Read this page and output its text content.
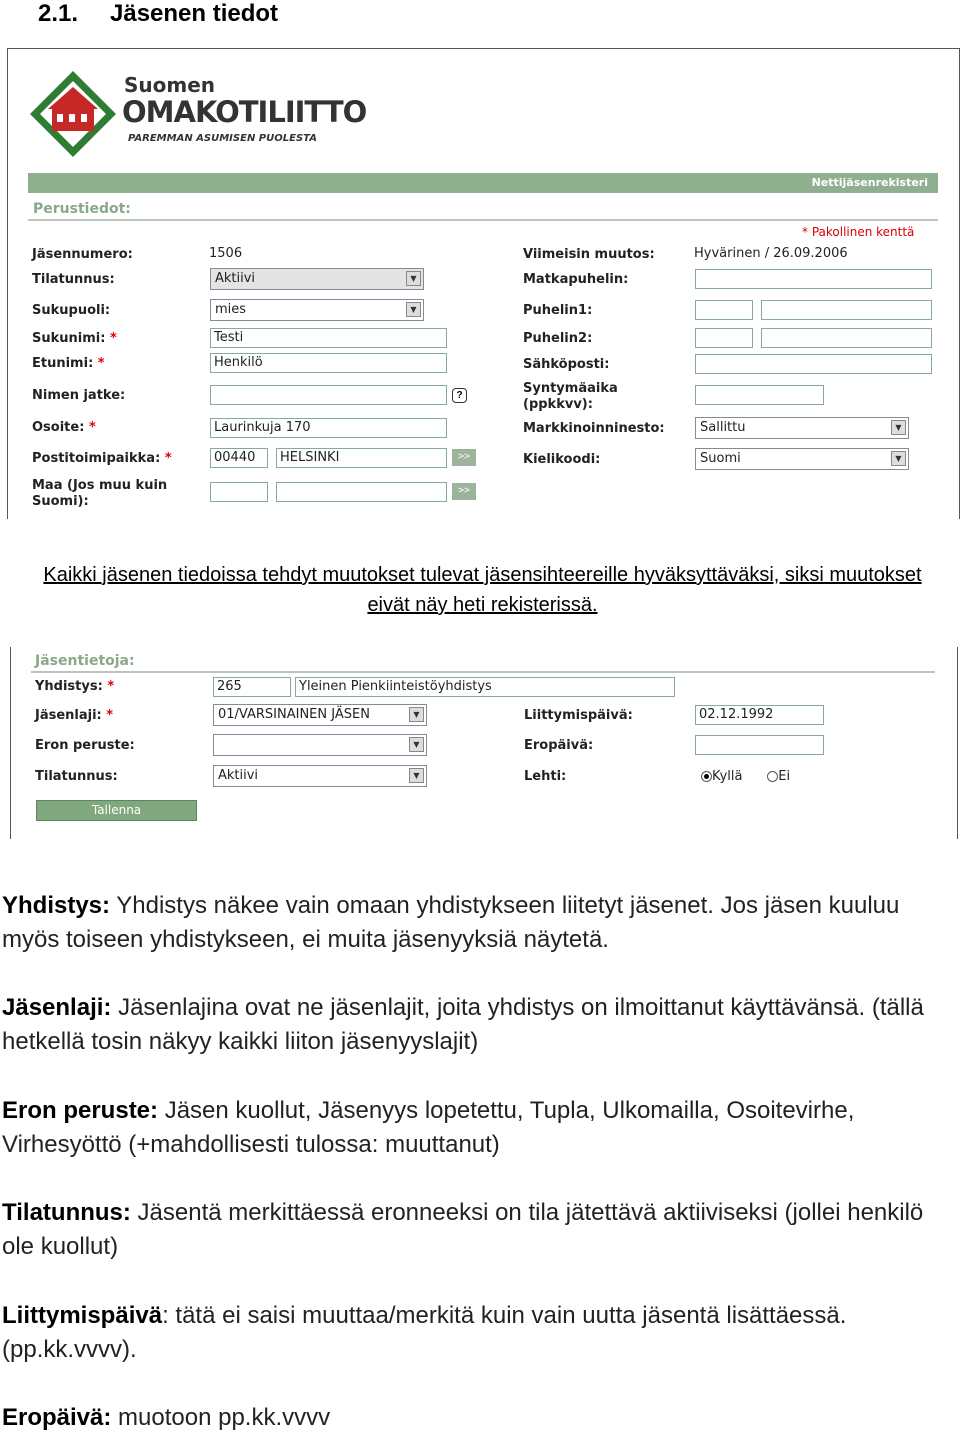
2.1. Jäsenen tiedot
Suomen
OMAKOTILIITTO
PAREMMAN ASUMISEN PUOLESTA
Nettijäsenrekisteri
Perustiedot:
* Pakollinen kenttä
Jäsennumero:	1506
Tilatunnus:	Aktiivi	▼
Sukupuoli:	mies	▼
Sukunimi: *	Testi
Etunimi: *	Henkilö
Nimen jatke:	?
Osoite: *	Laurinkuja 170
Postitoimipaikka: *	00440	HELSINKI	>>
Maa (Jos muu kuin
Suomi):
>>
Viimeisin muutos:	Hyvärinen / 26.09.2006
Matkapuhelin:
Puhelin1:
Puhelin2:
Sähköposti:
Syntymäaika
(ppkkvv):
Markkinoinninesto:	Sallittu	▼
Kielikoodi:	Suomi	▼
Kaikki jäsenen tiedoissa tehdyt muutokset tulevat jäsensihteereille hyväksyttäväksi, siksi muutokset eivät näy heti rekisterissä.
Jäsentietoja:
Yhdistys: *	265	Yleinen Pienkiinteistöyhdistys
Jäsenlaji: *	01/VARSINAINEN JÄSEN	▼
Eron peruste:	▼
Tilatunnus:	Aktiivi	▼
Tallenna
Liittymispäivä:	02.12.1992
Eropäivä:
Lehti:	Kyllä	Ei
Yhdistys: Yhdistys näkee vain omaan yhdistykseen liitetyt jäsenet. Jos jäsen kuuluu myös toiseen yhdistykseen, ei muita jäsenyyksiä näytetä.
Jäsenlaji: Jäsenlajina ovat ne jäsenlajit, joita yhdistys on ilmoittanut käyttävänsä. (tällä hetkellä tosin näkyy kaikki liiton jäsenyyslajit)
Eron peruste: Jäsen kuollut, Jäsenyys lopetettu, Tupla, Ulkomailla, Osoitevirhe, Virhesyöttö (+mahdollisesti tulossa: muuttanut)
Tilatunnus: Jäsentä merkittäessä eronneeksi on tila jätettävä aktiiviseksi (jollei henkilö ole kuollut)
Liittymispäivä: tätä ei saisi muuttaa/merkitä kuin vain uutta jäsentä lisättäessä. (pp.kk.vvvv).
Eropäivä: muotoon pp.kk.vvvv
